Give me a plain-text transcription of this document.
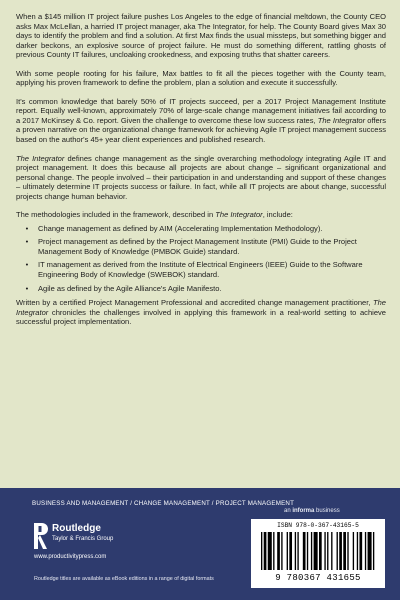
When a $145 million IT project failure pushes Los Angeles to the edge of financial meltdown, the County CEO asks Max McLellan, a harried IT project manager, aka The Integrator, for help. The County Board gives Max 30 days to identify the problem and find a solution. At first Max finds the usual missteps, but something bigger and darker beckons, an explosive source of project failure. He must do something different, rattling ghosts of previous County IT failures, uncloaking crookedness, and exposing truths that shatter careers.

With some people rooting for his failure, Max battles to fit all the pieces together with the County team, applying his proven framework to define the problem, plan a solution and execute it successfully.

It's common knowledge that barely 50% of IT projects succeed, per a 2017 Project Management Institute report. Equally well-known, approximately 70% of large-scale change management initiatives fail according to a 2017 McKinsey & Co. report. Given the challenge to overcome these low success rates, The Integrator offers a proven narrative on the organizational change framework for achieving Agile IT project management success based on the author's 45+ year client experiences and published research.

The Integrator defines change management as the single overarching methodology integrating Agile IT and project management. It does this because all projects are about change – significant organizational and personal change. The people involved – their participation in and understanding and support of these changes – ultimately determine IT projects success or failure. In fact, while all IT projects are about change, successful projects change human behavior.

The methodologies included in the framework, described in The Integrator, include:

•	Change management as defined by AIM (Accelerating Implementation Methodology).
•	Project management as defined by the Project Management Institute (PMI) Guide to the Project Management Body of Knowledge (PMBOK Guide) standard.
•	IT management as derived from the Institute of Electrical Engineers (IEEE) Guide to the Software Engineering Body of Knowledge (SWEBOK) standard.
•	Agile as defined by the Agile Alliance's Agile Manifesto.

Written by a certified Project Management Professional and accredited change management practitioner, The Integrator chronicles the challenges involved in applying this framework in a real-world setting to achieve successful project implementation.

BUSINESS AND MANAGEMENT / CHANGE MANAGEMENT / PROJECT MANAGEMENT
an informa business
Routledge
Taylor & Francis Group
www.productivitypress.com
Routledge titles are available as eBook editions in a range of digital formats
ISBN 978-0-367-43165-5
9 780367 431655
